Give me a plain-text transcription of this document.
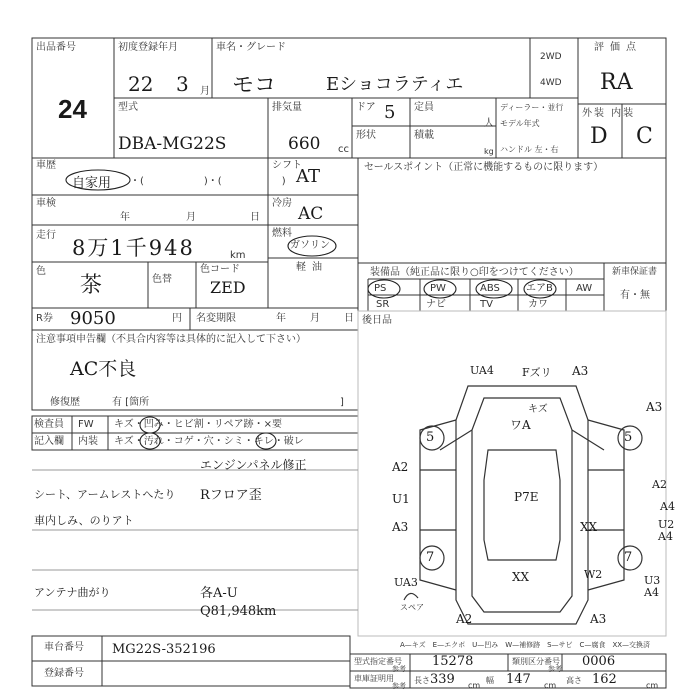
出品番号
24
初度登録年月
22 3 月
車名・グレード
モコ	Eショコラティエ
2WD
4WD
評価点
RA
型式
DBA-MG22S
排気量
660 cc
ドア 5 定員
人
ディーラー・並行
形状	積載
kg
モデル年式
ハンドル 左・右
外装 内装
D C
車歴
自家用 ・(　　　　　　)・(　　　　　　)
シフト
AT
車検
年	月	日
冷房
AC
走行
8万1千948	km
燃料
ガソリン
軽油
色
茶	色替
色コード
ZED
R券 9050	円 名変期限	年 月 日
注意事項申告欄（不具合内容等は具体的に記入して下さい）
AC不良
修復歴	有 [箇所	]
検査員
記入欄
FW キズ・凹み・ヒビ割・リペア跡・×要
内装 キズ・汚れ・コゲ・穴・シミ・キレ・破レ
エンジンパネル修正
シート、アームレストへたり Rフロア歪
車内しみ、のりアト
アンテナ曲がり	各A-U
Q81,948km
セールスポイント（正常に機能するものに限ります）
装備品（純正品に限り○印をつけてください）
PS	PW	ABS	エアB AW
SR	ナビ	TV	カワ
新車保証書
有・無
後日品
UA4	Fズリ A3
A3
キズ
ワA
5	5
A2
U1
A3
P7E
A2
A4
XX	U2
A4
7	7
UA3	XX	W2	U3
A4
A2	A3
スペア
A—キズ　E—エクボ　U—凹み　W—補修跡　S—サビ　C—腐食　XX—交換済
車台番号 MG22S-352196
登録番号
型式指定番号
参考 15278	類別区分番号
参考 0006
車庫証明用
参考
長さ 339 cm
幅 147 cm
高さ 162	cm
